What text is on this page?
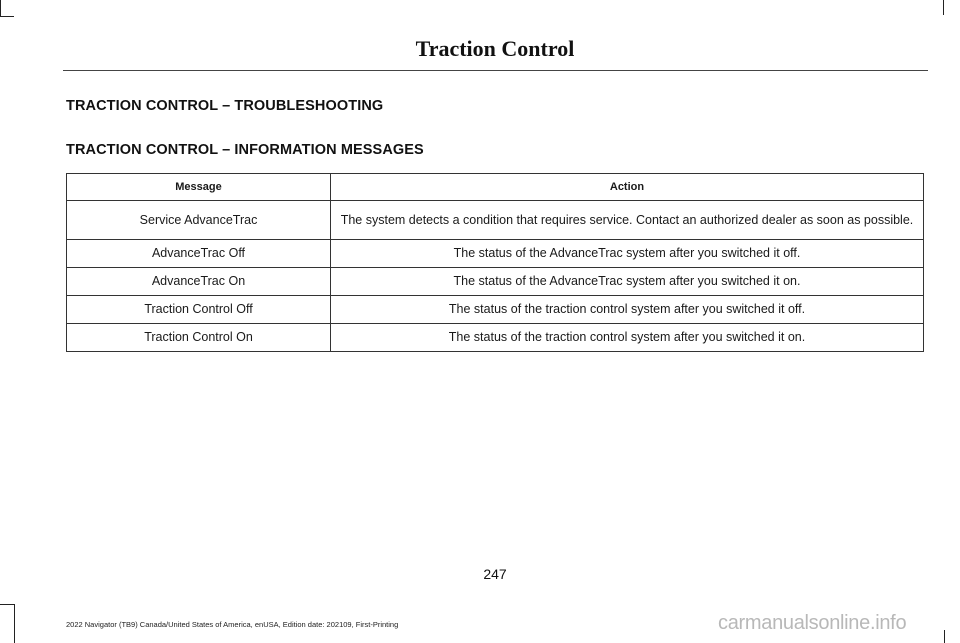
Traction Control
TRACTION CONTROL – TROUBLESHOOTING
TRACTION CONTROL – INFORMATION MESSAGES
Message	Action
Service AdvanceTrac	The system detects a condition that requires service. Contact an authorized dealer as soon as possible.
AdvanceTrac Off	The status of the AdvanceTrac system after you switched it off.
AdvanceTrac On	The status of the AdvanceTrac system after you switched it on.
Traction Control Off	The status of the traction control system after you switched it off.
Traction Control On	The status of the traction control system after you switched it on.
247
2022 Navigator (TB9) Canada/United States of America, enUSA, Edition date: 202109, First-Printing	carmanualsonline.info
